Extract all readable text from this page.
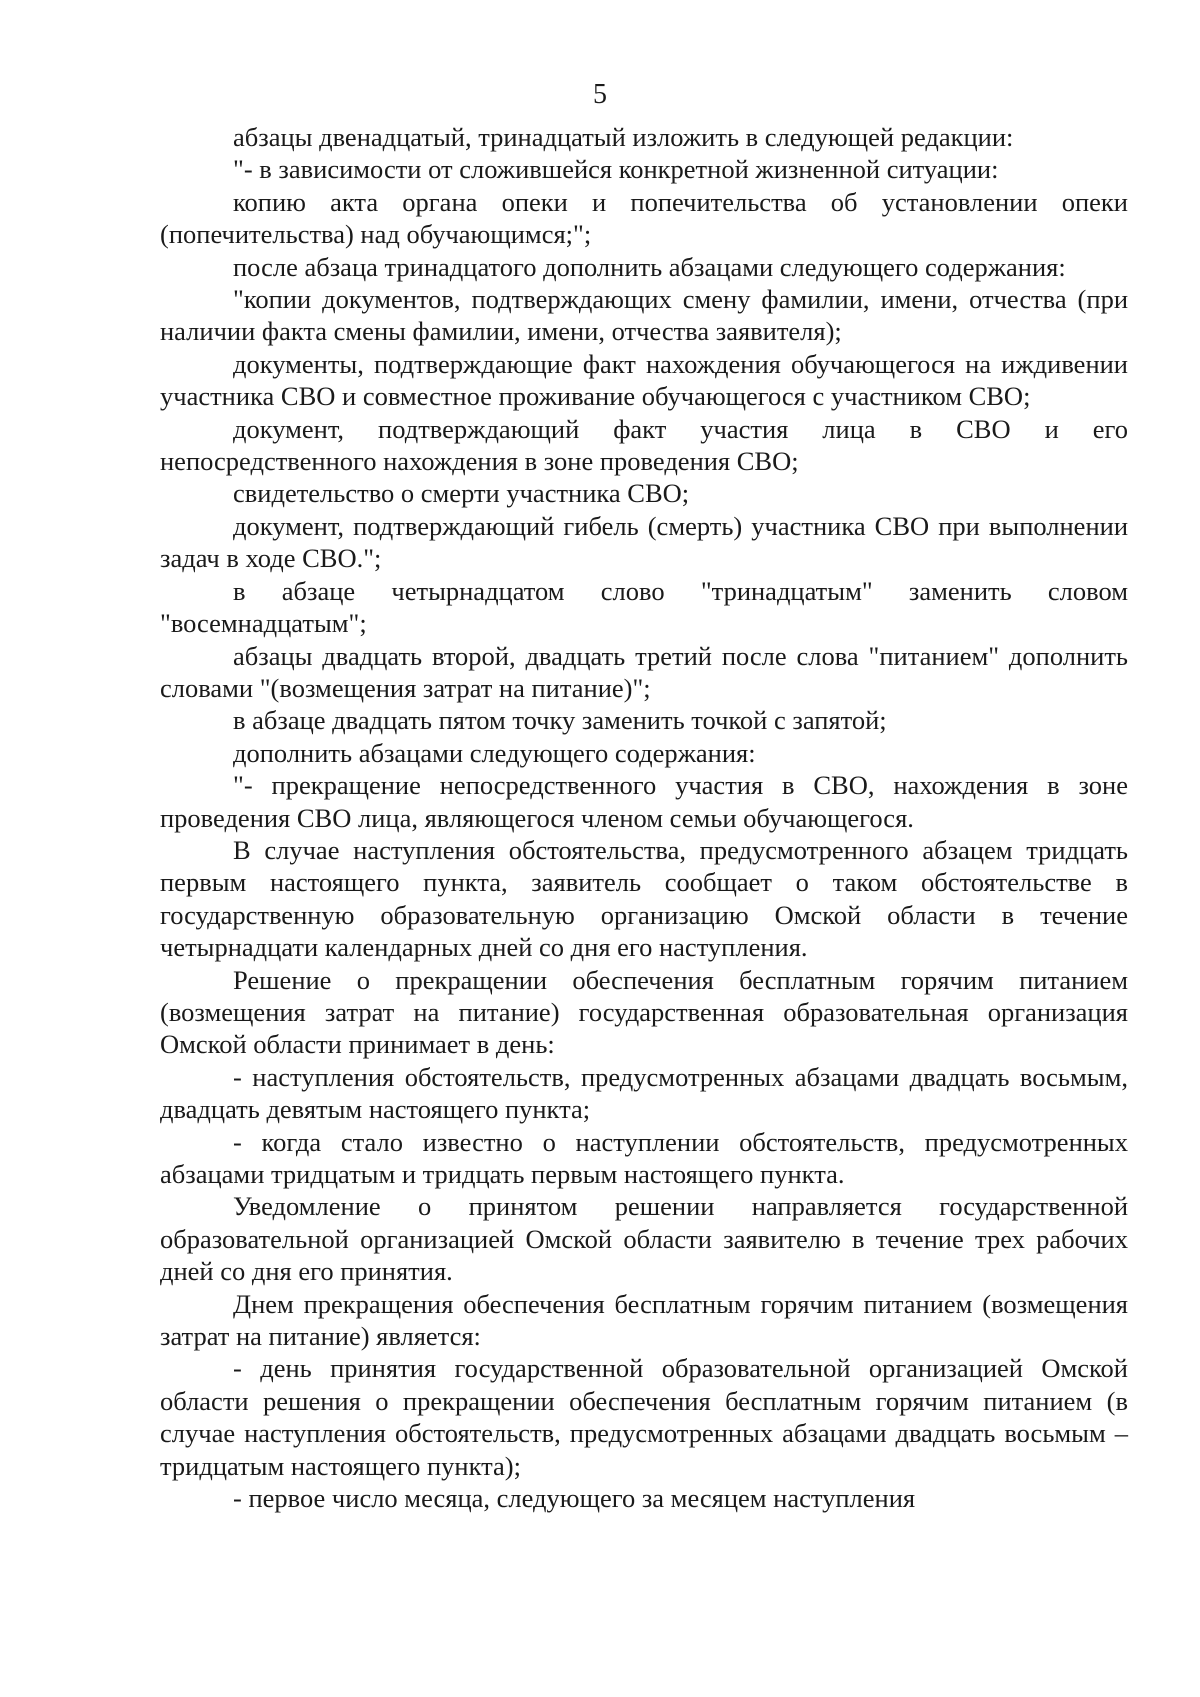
5

абзацы двенадцатый, тринадцатый изложить в следующей редакции:

"- в зависимости от сложившейся конкретной жизненной ситуации:

копию акта органа опеки и попечительства об установлении опеки (попечительства) над обучающимся;";

после абзаца тринадцатого дополнить абзацами следующего содержания:

"копии документов, подтверждающих смену фамилии, имени, отчества (при наличии факта смены фамилии, имени, отчества заявителя);

документы, подтверждающие факт нахождения обучающегося на иждивении участника СВО и совместное проживание обучающегося с участником СВО;

документ, подтверждающий факт участия лица в СВО и его непосредственного нахождения в зоне проведения СВО;

свидетельство о смерти участника СВО;

документ, подтверждающий гибель (смерть) участника СВО при выполнении задач в ходе СВО.";

в абзаце четырнадцатом слово "тринадцатым" заменить словом "восемнадцатым";

абзацы двадцать второй, двадцать третий после слова "питанием" дополнить словами "(возмещения затрат на питание)";

в абзаце двадцать пятом точку заменить точкой с запятой;

дополнить абзацами следующего содержания:

"- прекращение непосредственного участия в СВО, нахождения в зоне проведения СВО лица, являющегося членом семьи обучающегося.

В случае наступления обстоятельства, предусмотренного абзацем тридцать первым настоящего пункта, заявитель сообщает о таком обстоятельстве в государственную образовательную организацию Омской области в течение четырнадцати календарных дней со дня его наступления.

Решение о прекращении обеспечения бесплатным горячим питанием (возмещения затрат на питание) государственная образовательная организация Омской области принимает в день:

- наступления обстоятельств, предусмотренных абзацами двадцать восьмым, двадцать девятым настоящего пункта;

- когда стало известно о наступлении обстоятельств, предусмотренных абзацами тридцатым и тридцать первым настоящего пункта.

Уведомление о принятом решении направляется государственной образовательной организацией Омской области заявителю в течение трех рабочих дней со дня его принятия.

Днем прекращения обеспечения бесплатным горячим питанием (возмещения затрат на питание) является:

- день принятия государственной образовательной организацией Омской области решения о прекращении обеспечения бесплатным горячим питанием (в случае наступления обстоятельств, предусмотренных абзацами двадцать восьмым – тридцатым настоящего пункта);

- первое число месяца, следующего за месяцем наступления
